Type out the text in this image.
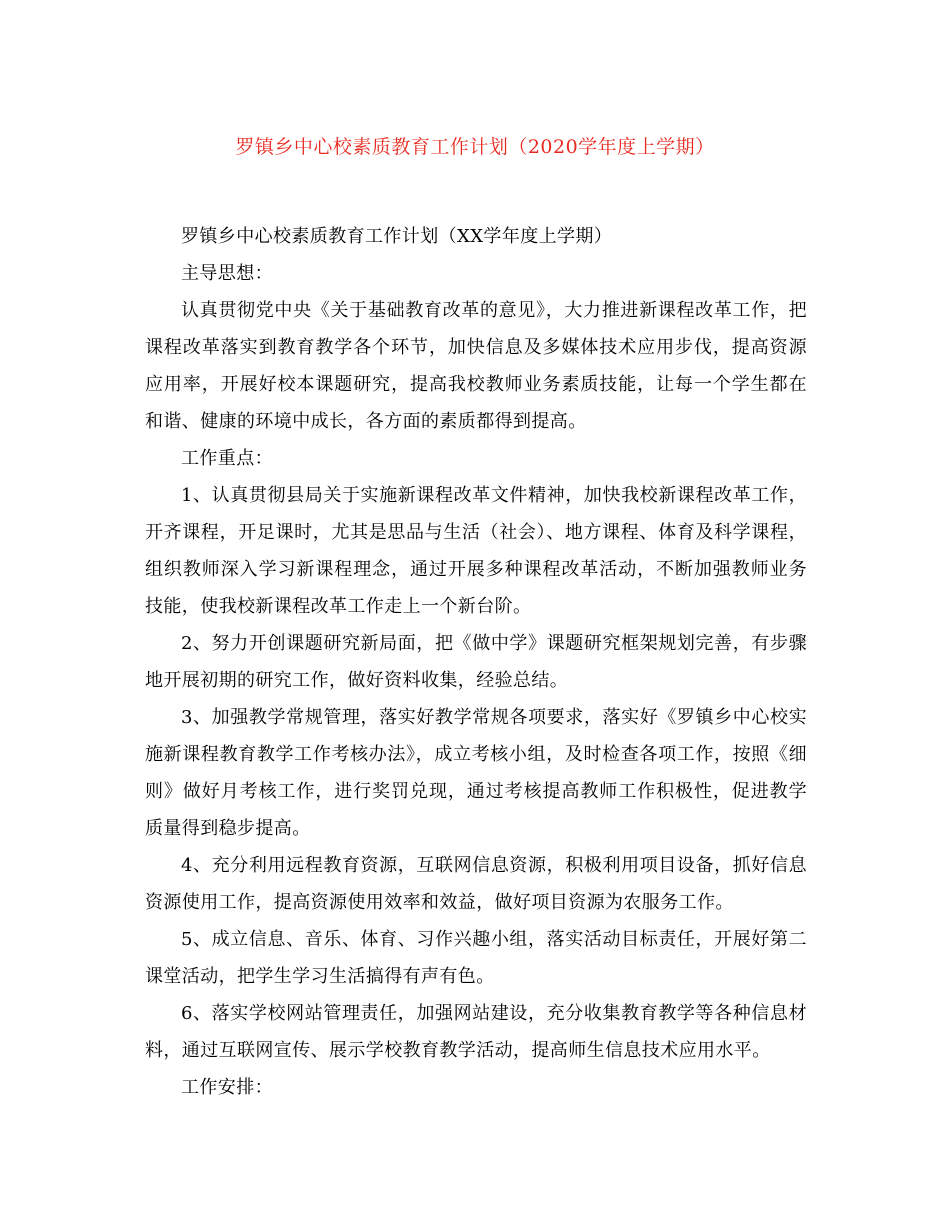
罗镇乡中心校素质教育工作计划（2020学年度上学期）

罗镇乡中心校素质教育工作计划（XX学年度上学期）

主导思想：

认真贯彻党中央《关于基础教育改革的意见》，大力推进新课程改革工作，把课程改革落实到教育教学各个环节，加快信息及多媒体技术应用步伐，提高资源应用率，开展好校本课题研究，提高我校教师业务素质技能，让每一个学生都在和谐、健康的环境中成长，各方面的素质都得到提高。

工作重点：

1、认真贯彻县局关于实施新课程改革文件精神，加快我校新课程改革工作，开齐课程，开足课时，尤其是思品与生活（社会）、地方课程、体育及科学课程，组织教师深入学习新课程理念，通过开展多种课程改革活动，不断加强教师业务技能，使我校新课程改革工作走上一个新台阶。

2、努力开创课题研究新局面，把《做中学》课题研究框架规划完善，有步骤地开展初期的研究工作，做好资料收集，经验总结。

3、加强教学常规管理，落实好教学常规各项要求，落实好《罗镇乡中心校实施新课程教育教学工作考核办法》，成立考核小组，及时检查各项工作，按照《细则》做好月考核工作，进行奖罚兑现，通过考核提高教师工作积极性，促进教学质量得到稳步提高。

4、充分利用远程教育资源，互联网信息资源，积极利用项目设备，抓好信息资源使用工作，提高资源使用效率和效益，做好项目资源为农服务工作。

5、成立信息、音乐、体育、习作兴趣小组，落实活动目标责任，开展好第二课堂活动，把学生学习生活搞得有声有色。

6、落实学校网站管理责任，加强网站建设，充分收集教育教学等各种信息材料，通过互联网宣传、展示学校教育教学活动，提高师生信息技术应用水平。

工作安排：
